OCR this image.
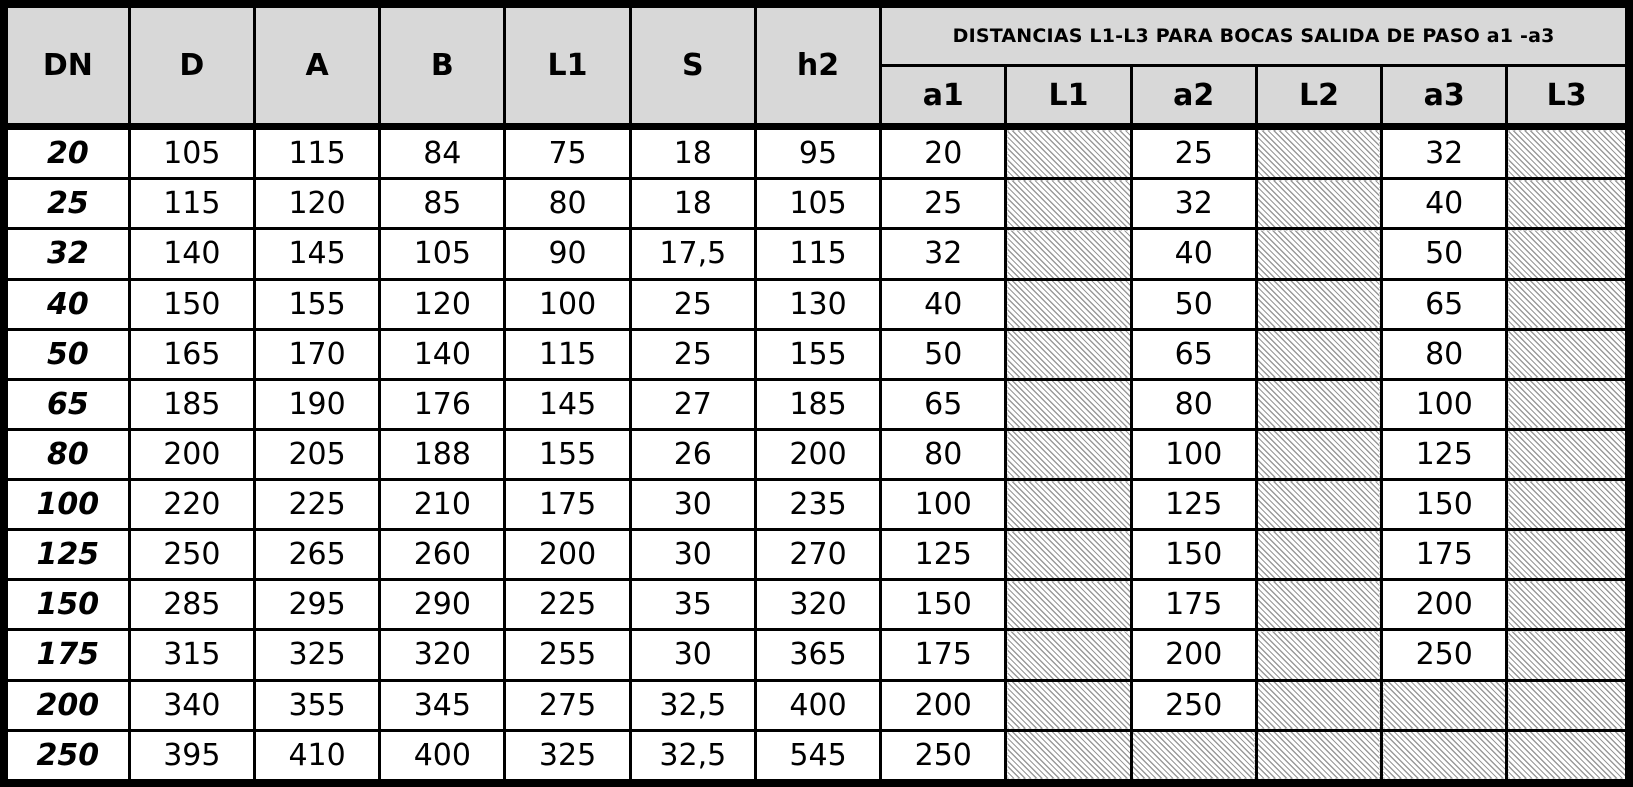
DN	D	A	B	L1	S	h2	DISTANCIAS L1-L3 PARA BOCAS SALIDA DE PASO a1 -a3					
							a1	L1	a2	L2	a3	L3
20	105	115	84	75	18	95	20		25		32	
25	115	120	85	80	18	105	25		32		40	
32	140	145	105	90	17,5	115	32		40		50	
40	150	155	120	100	25	130	40		50		65	
50	165	170	140	115	25	155	50		65		80	
65	185	190	176	145	27	185	65		80		100	
80	200	205	188	155	26	200	80		100		125	
100	220	225	210	175	30	235	100		125		150	
125	250	265	260	200	30	270	125		150		175	
150	285	295	290	225	35	320	150		175		200	
175	315	325	320	255	30	365	175		200		250	
200	340	355	345	275	32,5	400	200		250			
250	395	410	400	325	32,5	545	250					
